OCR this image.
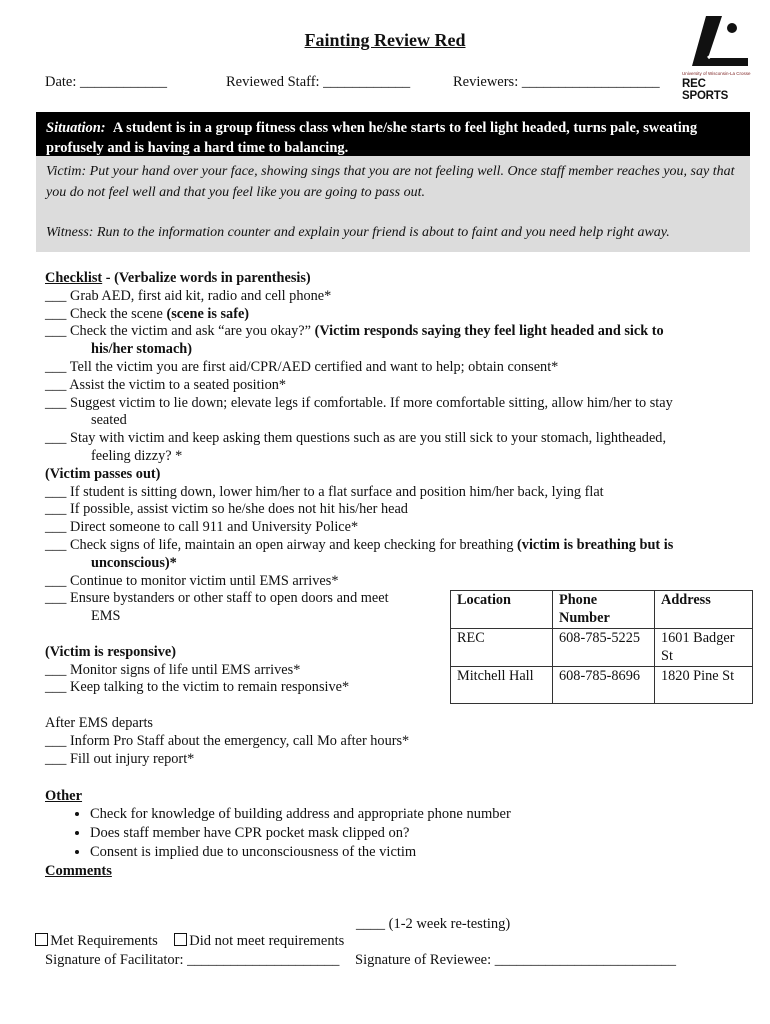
Fainting Review Red
University of Wisconsin-La Crosse
REC SPORTS
Date: ____________	Reviewed Staff: ____________	Reviewers: ___________________
Situation: A student is in a group fitness class when he/she starts to feel light headed, turns pale, sweating profusely and is having a hard time to balancing.

Victim: Put your hand over your face, showing sings that you are not feeling well. Once staff member reaches you, say that you do not feel well and that you feel like you are going to pass out.

Witness: Run to the information counter and explain your friend is about to faint and you need help right away.

Checklist - (Verbalize words in parenthesis)
___ Grab AED, first aid kit, radio and cell phone*
___ Check the scene (scene is safe)
___ Check the victim and ask “are you okay?” (Victim responds saying they feel light headed and sick to
his/her stomach)
___ Tell the victim you are first aid/CPR/AED certified and want to help; obtain consent*
___ Assist the victim to a seated position*
___ Suggest victim to lie down; elevate legs if comfortable. If more comfortable sitting, allow him/her to stay
seated
___ Stay with victim and keep asking them questions such as are you still sick to your stomach, lightheaded,
feeling dizzy? *
(Victim passes out)
___ If student is sitting down, lower him/her to a flat surface and position him/her back, lying flat
___ If possible, assist victim so he/she does not hit his/her head
___ Direct someone to call 911 and University Police*
___ Check signs of life, maintain an open airway and keep checking for breathing (victim is breathing but is
unconscious)*
___ Continue to monitor victim until EMS arrives*
___ Ensure bystanders or other staff to open doors and meet
EMS
(Victim is responsive)
___ Monitor signs of life until EMS arrives*
___ Keep talking to the victim to remain responsive*
After EMS departs
___ Inform Pro Staff about the emergency, call Mo after hours*
___ Fill out injury report*
Location	Phone Number	Address
REC	608-785-5225	1601 Badger St
Mitchell Hall	608-785-8696	1820 Pine St
Other
• Check for knowledge of building address and appropriate phone number
• Does staff member have CPR pocket mask clipped on?
• Consent is implied due to unconsciousness of the victim
Comments

Met Requirements	Did not meet requirements

____ (1-2 week re-testing)
Signature of Facilitator: _____________________ Signature of Reviewee: _________________________
